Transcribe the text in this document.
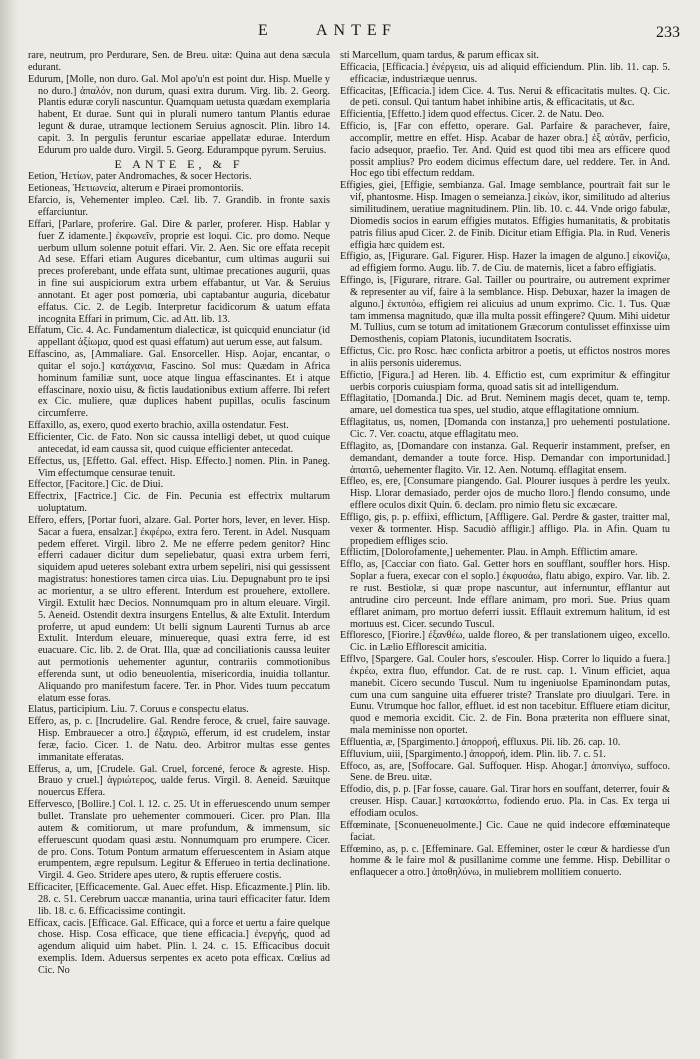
E	ANTE F	233

rare, neutrum, pro Perdurare, Sen. de Breu. uitæ: Quina aut dena sæcula edurant.

Edurum, [Molle, non duro. Gal. Mol apo'u'n est point dur. Hisp. Muelle y no duro.] ἀπαλόν, non durum, quasi extra durum. Virg. lib. 2. Georg. Plantis eduræ coryli nascuntur. Quamquam uetusta quædam exemplaria habent, Et durae. Sunt qui in plurali numero tantum Plantis edurae legunt & durae, utramque lectionem Seruius agnoscit. Plin. libro 14. capit. 3. In pergulis feruntur escariae appellatæ edurae. Interdum Edurum pro ualde duro. Virgil. 5. Georg. Edurampque pyrum. Seruius.

E ANTE E, & F

Eetion, Ἠετίων, pater Andromaches, & socer Hectoris.

Eetioneas, Ἠετιωνεία, alterum e Piraei promontoriis.

Efarcio, is, Vehementer impleo. Cæl. lib. 7. Grandib. in fronte saxis effarciuntur.

Effari, [Parlare, proferire. Gal. Dire & parler, proferer. Hisp. Hablar y fuer Z idamente.] ἐκφωνεῖν, proprie est loqui. Cic. pro domo. Neque uerbum ullum solenne potuit effari. Vir. 2. Aen. Sic ore effata recepit Ad sese. Effari etiam Augures dicebantur, cum ultimas augurii sui preces proferebant, unde effata sunt, ultimae precationes augurii, quas in fine sui auspiciorum extra urbem effabantur, ut Var. & Seruius annotant. Et ager post pomœria, ubi captabantur auguria, dicebatur effatus. Cic. 2. de Legib. Interpretur facidicorum & uatum effata incognita Effari in primum, Cic. ad Att. lib. 13.

Effatum, Cic. 4. Ac. Fundamentum dialecticæ, ist quicquid enunciatur (id appellant ἀξίωμα, quod est quasi effatum) aut uerum esse, aut falsum.

Effascino, as, [Ammaliare. Gal. Ensorceller. Hisp. Aojar, encantar, o quitar el sojo.] κατάχανια, Fascino. Sol mus: Quædam in Africa hominum familiæ sunt, uoce atque lingua effascinantes. Et i atque effascinare, noxio uisu, & fictis laudationibus extium afferre. Ibi refert ex Cic. muliere, quæ duplices habent pupillas, oculis fascinum circumferre.

Effaxillo, as, exero, quod exerto brachio, axilla ostendatur. Fest.

Efficienter, Cic. de Fato. Non sic caussa intelligi debet, ut quod cuique antecedat, id eam caussa sit, quod cuique efficienter antecedat.

Effectus, us, [Effetto. Gal. effect. Hisp. Effecto.] nomen. Plin. in Paneg. Vim effectumque censurae tenuit.

Effector, [Facitore.] Cic. de Diui.

Effectrix, [Factrice.] Cic. de Fin. Pecunia est effectrix multarum uoluptatum.

Effero, effers, [Portar fuori, alzare. Gal. Porter hors, lever, en lever. Hisp. Sacar a fuera, ensalzar.] ἐκφέρω, extra fero. Terent. in Adel. Nusquam pedem efferet. Virgil. libro 2. Me ne efferre pedem genitor? Hinc efferri cadauer dicitur dum sepeliebatur, quasi extra urbem ferri, siquidem apud ueteres solebant extra urbem sepeliri, nisi qui gessissent magistratus: honestiores tamen circa uias. Liu. Depugnabunt pro te ipsi ac morientur, a se ultro efferent. Interdum est prouehere, extollere. Virgil. Extulit hæc Decios. Nonnumquam pro in altum eleuare. Virgil. 5. Aeneid. Ostendit dextra insurgens Entellus, & alte Extulit. Interdum proferre, ut apud eundem: Ut belli signum Laurenti Turnus ab arce Extulit. Interdum eleuare, minuereque, quasi extra ferre, id est euacuare. Cic. lib. 2. de Orat. Illa, quæ ad conciliationis caussa leuiter aut permotionis uehementer aguntur, contrariis commotionibus efferenda sunt, ut odio beneuolentia, misericordia, inuidia tollantur. Aliquando pro manifestum facere. Ter. in Phor. Vides tuum peccatum elatum esse foras.

Elatus, participium. Liu. 7. Coruus e conspectu elatus.

Effero, as, p. c. [Incrudelire. Gal. Rendre feroce, & cruel, faire sauvage. Hisp. Embrauecer a otro.] ἐξαγριῶ, efferum, id est crudelem, instar feræ, facio. Cicer. 1. de Natu. deo. Arbitror multas esse gentes immanitate efferatas.

Efferus, a, um, [Crudele. Gal. Cruel, forcené, feroce & agreste. Hisp. Brauo y cruel.] ἀγριώτερος, ualde ferus. Virgil. 8. Aeneid. Sæuitque nouercus Effera.

Effervesco, [Bollire.] Col. l. 12. c. 25. Ut in efferuescendo unum semper bullet. Translate pro uehementer commoueri. Cicer. pro Plan. Illa autem & comitiorum, ut mare profundum, & immensum, sic efferuescunt quodam quasi æstu. Nonnumquam pro erumpere. Cicer. de pro. Cons. Totum Pontum armatum efferuescentem in Asiam atque erumpentem, ægre repulsum. Legitur & Efferueo in tertia declinatione. Virgil. 4. Geo. Stridere apes utero, & ruptis efferuere costis.

Efficaciter, [Efficacemente. Gal. Auec effet. Hisp. Eficazmente.] Plin. lib. 28. c. 51. Cerebrum uaccæ manantia, urina tauri efficaciter fatur. Idem lib. 18. c. 6. Efficacissime contingit.

Efficax, cacis. [Efficace. Gal. Efficace, qui a force et uertu a faire quelque chose. Hisp. Cosa efficace, que tiene efficacia.] ἐνεργής, quod ad agendum aliquid uim habet. Plin. l. 24. c. 15. Efficacibus docuit exemplis. Idem. Aduersus serpentes ex aceto pota efficax. Cœlius ad Cic. No

sti Marcellum, quam tardus, & parum efficax sit.

Efficacia, [Efficacia.] ἐνέργεια, uis ad aliquid efficiendum. Plin. lib. 11. cap. 5. efficaciæ, industriæque uenrus.

Efficacitas, [Efficacia.] idem Cice. 4. Tus. Nerui & efficacitatis multes. Q. Cic. de peti. consul. Qui tantum habet inhibine artis, & efficacitatis, ut &c.

Efficientia, [Effetto.] idem quod effectus. Cicer. 2. de Natu. Deo.

Efficio, is, [Far con effetto, operare. Gal. Parfaire & parachever, faire, accomplir, mettre en effet. Hisp. Acabar de hazer obra.] ἐξ αὐτᾶν, perficio, facio adsequor, praefio. Ter. And. Quid est quod tibi mea ars efficere quod possit amplius? Pro eodem dicimus effectum dare, uel reddere. Ter. in And. Hoc ego tibi effectum reddam.

Effigies, giei, [Effigie, sembianza. Gal. Image semblance, pourtrait fait sur le vif, phantosme. Hisp. Imagen o semeianza.] εἰκὼν, ikor, similitudo ad alterius similitudinem, ueratiue magnitudinem. Plin. lib. 10. c. 44. Vnde origo fabulæ, Diomedis socios in earum effigies mutatos. Effigies humanitatis, & probitatis patris filius apud Cicer. 2. de Finib. Dicitur etiam Effigia. Pla. in Rud. Veneris effigia hæc quidem est.

Effigio, as, [Figurare. Gal. Figurer. Hisp. Hazer la imagen de alguno.] εἰκονίζω, ad effigiem formo. Augu. lib. 7. de Ciu. de maternis, licet a fabro effigiatis.

Effingo, is, [Figurare, ritrare. Gal. Tailler ou pourtraire, ou autrement exprimer & representer au vif, faire à la semblance. Hisp. Debuxar, hazer la imagen de alguno.] ἐκτυπόω, effigiem rei alicuius ad unum exprimo. Cic. 1. Tus. Quæ tam immensa magnitudo, quæ illa multa possit effingere? Quum. Mihi uidetur M. Tullius, cum se totum ad imitationem Græcorum contulisset effinxisse uim Demosthenis, copiam Platonis, iucunditatem Isocratis.

Effictus, Cic. pro Rosc. hæc conficta arbitror a poetis, ut effictos nostros mores in aliis personis uideremus.

Effictio, [Figura.] ad Heren. lib. 4. Effictio est, cum exprimitur & effingitur uerbis corporis cuiuspiam forma, quoad satis sit ad intelligendum.

Efflagitatio, [Domanda.] Dic. ad Brut. Neminem magis decet, quam te, temp. amare, uel domestica tua spes, uel studio, atque efflagitatione omnium.

Efflagitatus, us, nomen, [Domanda con instanza,] pro uehementi postulatione. Cic. 7. Ver. coactu, atque efflagitatu meo.

Efflagito, as, [Domandare con instanza. Gal. Requerir instamment, prefser, en demandant, demander a toute force. Hisp. Demandar con importunidad.] ἀπαιτῶ, uehementer flagito. Vir. 12. Aen. Notumq. efflagitat ensem.

Effleo, es, ere, [Consumare piangendo. Gal. Plourer iusques à perdre les yeulx. Hisp. Llorar demasiado, perder ojos de mucho lloro.] flendo consumo, unde efflere oculos dixit Quin. 6. declam. pro nimio fletu sic excæcare.

Effligo, gis, p. p. effiixi, efflictum, [Affligere. Gal. Perdre & gaster, traitter mal, vexer & tormenter. Hisp. Sacudiò affligir.] affligo. Pla. in Afin. Quam tu propediem effliges scio.

Efflictim, [Dolorofamente,] uehementer. Plau. in Amph. Efflictim amare.

Efflo, as, [Cacciar con fiato. Gal. Getter hors en soufflant, souffler hors. Hisp. Soplar a fuera, execar con el soplo.] ἐκφυσάω, flatu abigo, expiro. Var. lib. 2. re rust. Bestiolæ, si quæ prope nascuntur, aut infernuntur, efflantur aut antrudine ciro perceunt. Inde efflare animam, pro mori. Sue. Prius quam efflaret animam, pro mortuo deferri iussit. Efflauit extremum halitum, id est mortuus est. Cicer. secundo Tuscul.

Effloresco, [Fiorire.] ἐξανθέω, ualde floreo, & per translationem uigeo, excello. Cic. in Lælio Efflorescit amicitia.

Efflvo, [Spargere. Gal. Couler hors, s'escouler. Hisp. Correr lo liquido a fuera.] ἐκρέω, extra fluo, effundor. Cat. de re rust. cap. 1. Vinum efficiet, aqua manebit. Cicero secundo Tuscul. Num tu ingeniuolse Epaminondam putas, cum una cum sanguine uita effuerer triste? Translate pro diuulgari. Tere. in Eunu. Vtrumque hoc fallor, effluet. id est non tacebitur. Effluere etiam dicitur, quod e memoria excidit. Cic. 2. de Fin. Bona præterita non effluere sinat, mala meminisse non oportet.

Effluentia, æ, [Spargimento.] ἀπορροή, effluxus. Pli. lib. 26. cap. 10.

Effluvium, uiii, [Spargimento.] ἀπορροή, idem. Plin. lib. 7. c. 51.

Effoco, as, are, [Soffocare. Gal. Suffoquer. Hisp. Ahogar.] ἀποπνίγω, suffoco. Sene. de Breu. uitæ.

Effodio, dis, p. p. [Far fosse, cauare. Gal. Tirar hors en souffant, deterrer, fouir & creuser. Hisp. Cauar.] κατασκάπτω, fodiendo eruo. Pla. in Cas. Ex terga ui effodiam oculos.

Effœminate, [Sconueneuolmente.] Cic. Caue ne quid indecore effœminateque faciat.

Effœmino, as, p. c. [Effeminare. Gal. Effeminer, oster le cœur & hardiesse d'un homme & le faire mol & pusillanime comme une femme. Hisp. Debillitar o enflaquecer a otro.] ἀποθηλύνω, in muliebrem mollitiem conuerto.
